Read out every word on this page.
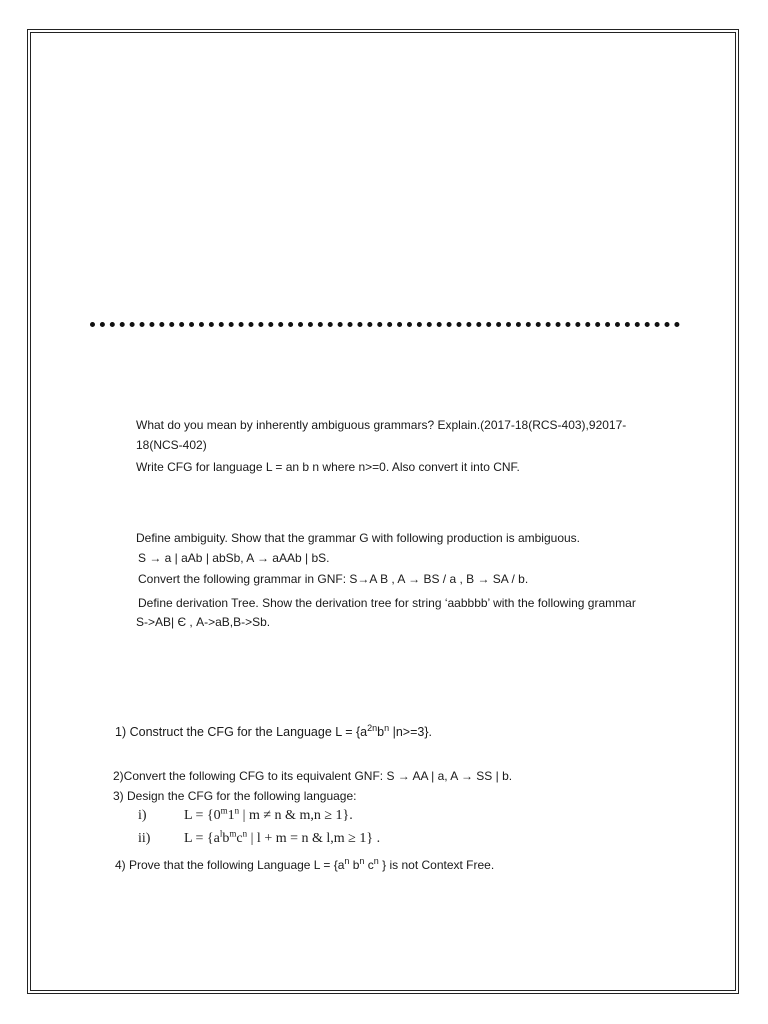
What do you mean by inherently ambiguous grammars? Explain.(2017-18(RCS-403),92017-
18(NCS-402)
Write CFG for language L = an b n where n>=0. Also convert it into CNF.
Define ambiguity. Show that the grammar G with following production is ambiguous.
S → a | aAb | abSb, A → aAAb | bS.
Convert the following grammar in GNF: S→A B , A → BS / a , B → SA / b.
Define derivation Tree. Show the derivation tree for string ‘aabbbb’ with the following grammar
S->AB| Є , A->aB,B->Sb.
1) Construct the CFG for the Language $L = \{a^{2n}b^n$ |n>=3}.
2)Convert the following CFG to its equivalent GNF: S → AA | a, A → SS | b.
3) Design the CFG for the following language:
i)	$L = \{0^m1^n$ | m ≠ n & m,n ≥ 1}.
ii) $L = \{a^lb^mc^n$ | l + m = n & l,m ≥ 1} .
4) Prove that the following Language $L = \{a^n$ $b^n$ $c^n$ } is not Context Free.
